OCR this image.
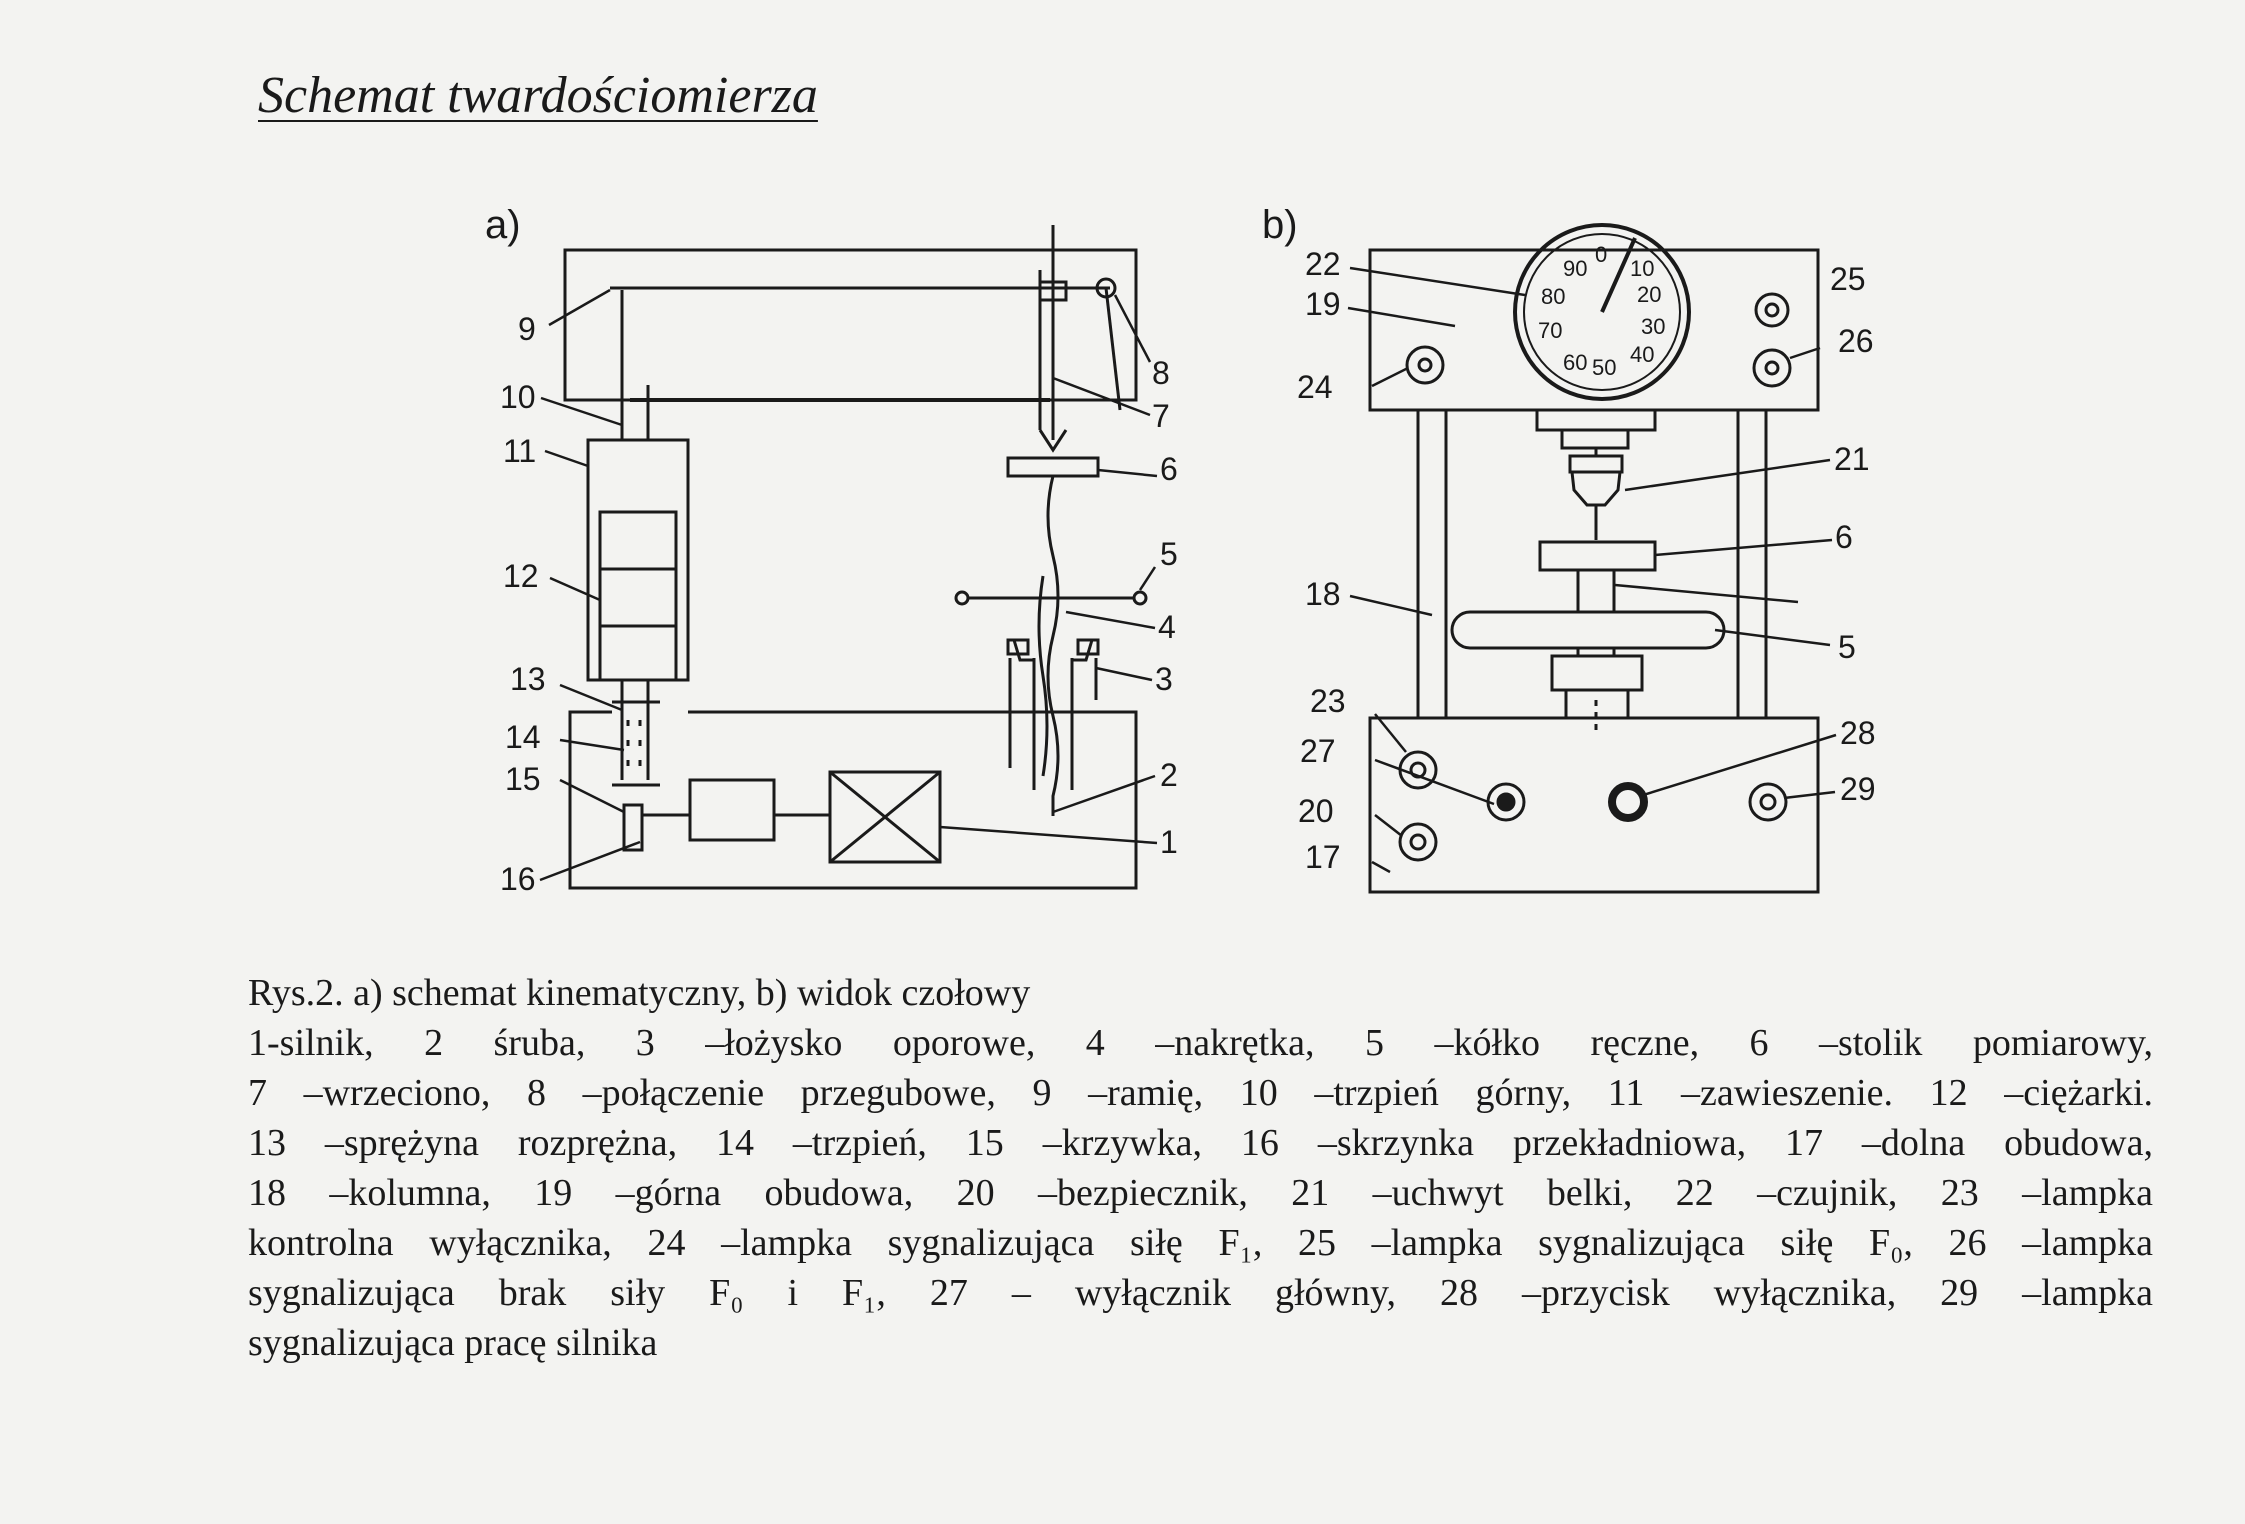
Schemat twardościomierza
a)
1
2
3
4
5
6
7
8
9
10
11
12
13
14
15
16
b)
90
0
10
80	20
70	30
60 50
40
22
19
24
25
26
21
6
5
18
23
27	28
29
20
17
Rys.2. a) schemat kinematyczny, b) widok czołowy
1-silnik, 2 śruba, 3 –łożysko oporowe, 4 –nakrętka, 5 –kółko ręczne, 6 –stolik pomiarowy,
7 –wrzeciono, 8 –połączenie przegubowe, 9 –ramię, 10 –trzpień górny, 11 –zawieszenie. 12 –ciężarki.
13 –sprężyna rozprężna, 14 –trzpień, 15 –krzywka, 16 –skrzynka przekładniowa, 17 –dolna obudowa,
18 –kolumna, 19 –górna obudowa, 20 –bezpiecznik, 21 –uchwyt belki, 22 –czujnik, 23 –lampka
kontrolna wyłącznika, 24 –lampka sygnalizująca siłę F₁, 25 –lampka sygnalizująca siłę F₀, 26 –lampka
sygnalizująca brak siły F₀ i F₁, 27 – wyłącznik główny, 28 –przycisk wyłącznika, 29 –lampka
sygnalizująca pracę silnika
